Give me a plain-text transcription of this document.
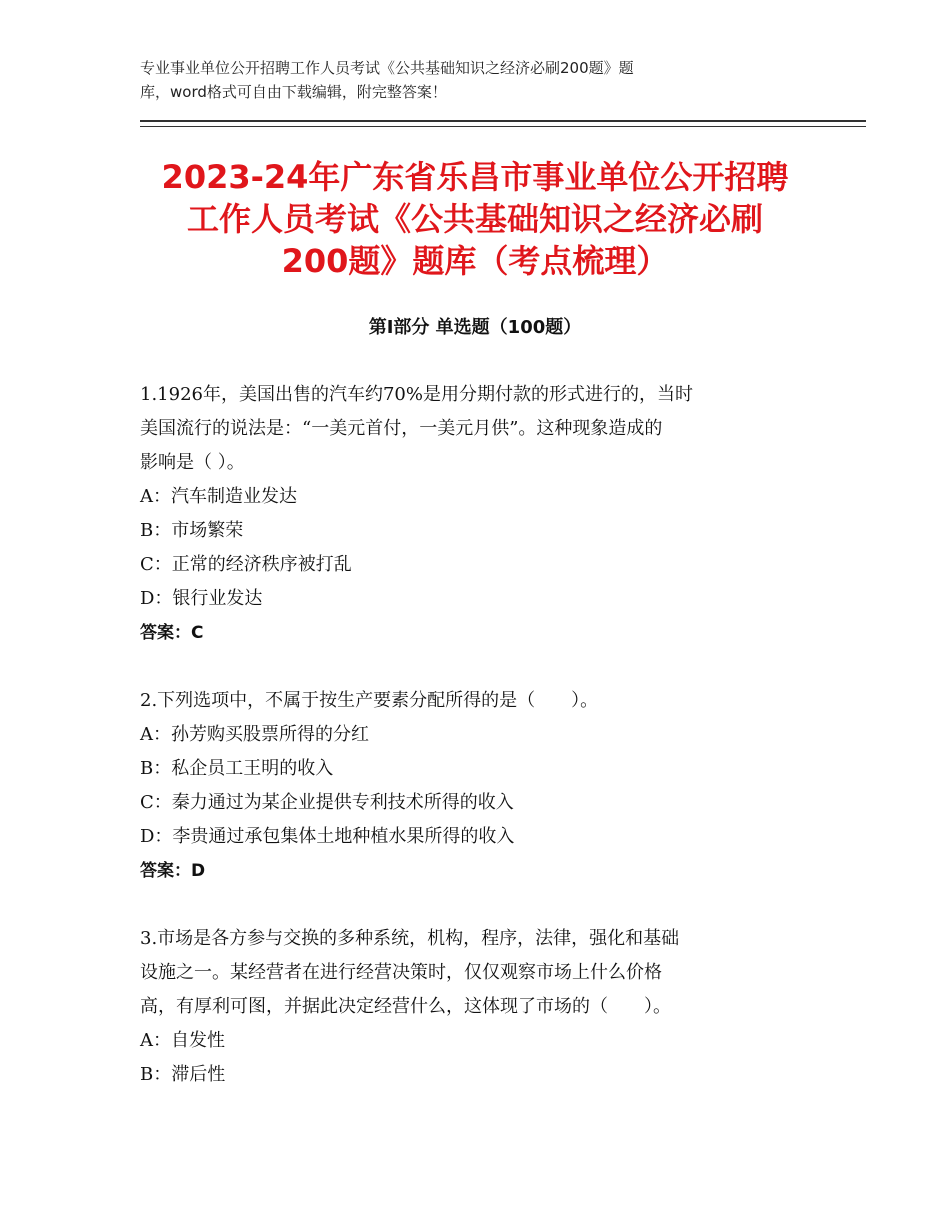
专业事业单位公开招聘工作人员考试《公共基础知识之经济必刷200题》题
库，word格式可自由下载编辑，附完整答案！
2023-24年广东省乐昌市事业单位公开招聘
工作人员考试《公共基础知识之经济必刷
200题》题库（考点梳理）
第Ⅰ部分 单选题（100题）

1.1926年，美国出售的汽车约70%是用分期付款的形式进行的，当时

美国流行的说法是：“一美元首付，一美元月供”。这种现象造成的

影响是（ ）。

A：汽车制造业发达

B：市场繁荣

C：正常的经济秩序被打乱

D：银行业发达

答案：C

2.下列选项中，不属于按生产要素分配所得的是（　　）。

A：孙芳购买股票所得的分红

B：私企员工王明的收入

C：秦力通过为某企业提供专利技术所得的收入

D：李贵通过承包集体土地种植水果所得的收入

答案：D

3.市场是各方参与交换的多种系统，机构，程序，法律，强化和基础

设施之一。某经营者在进行经营决策时，仅仅观察市场上什么价格

高，有厚利可图，并据此决定经营什么，这体现了市场的（　　）。

A：自发性

B：滞后性
